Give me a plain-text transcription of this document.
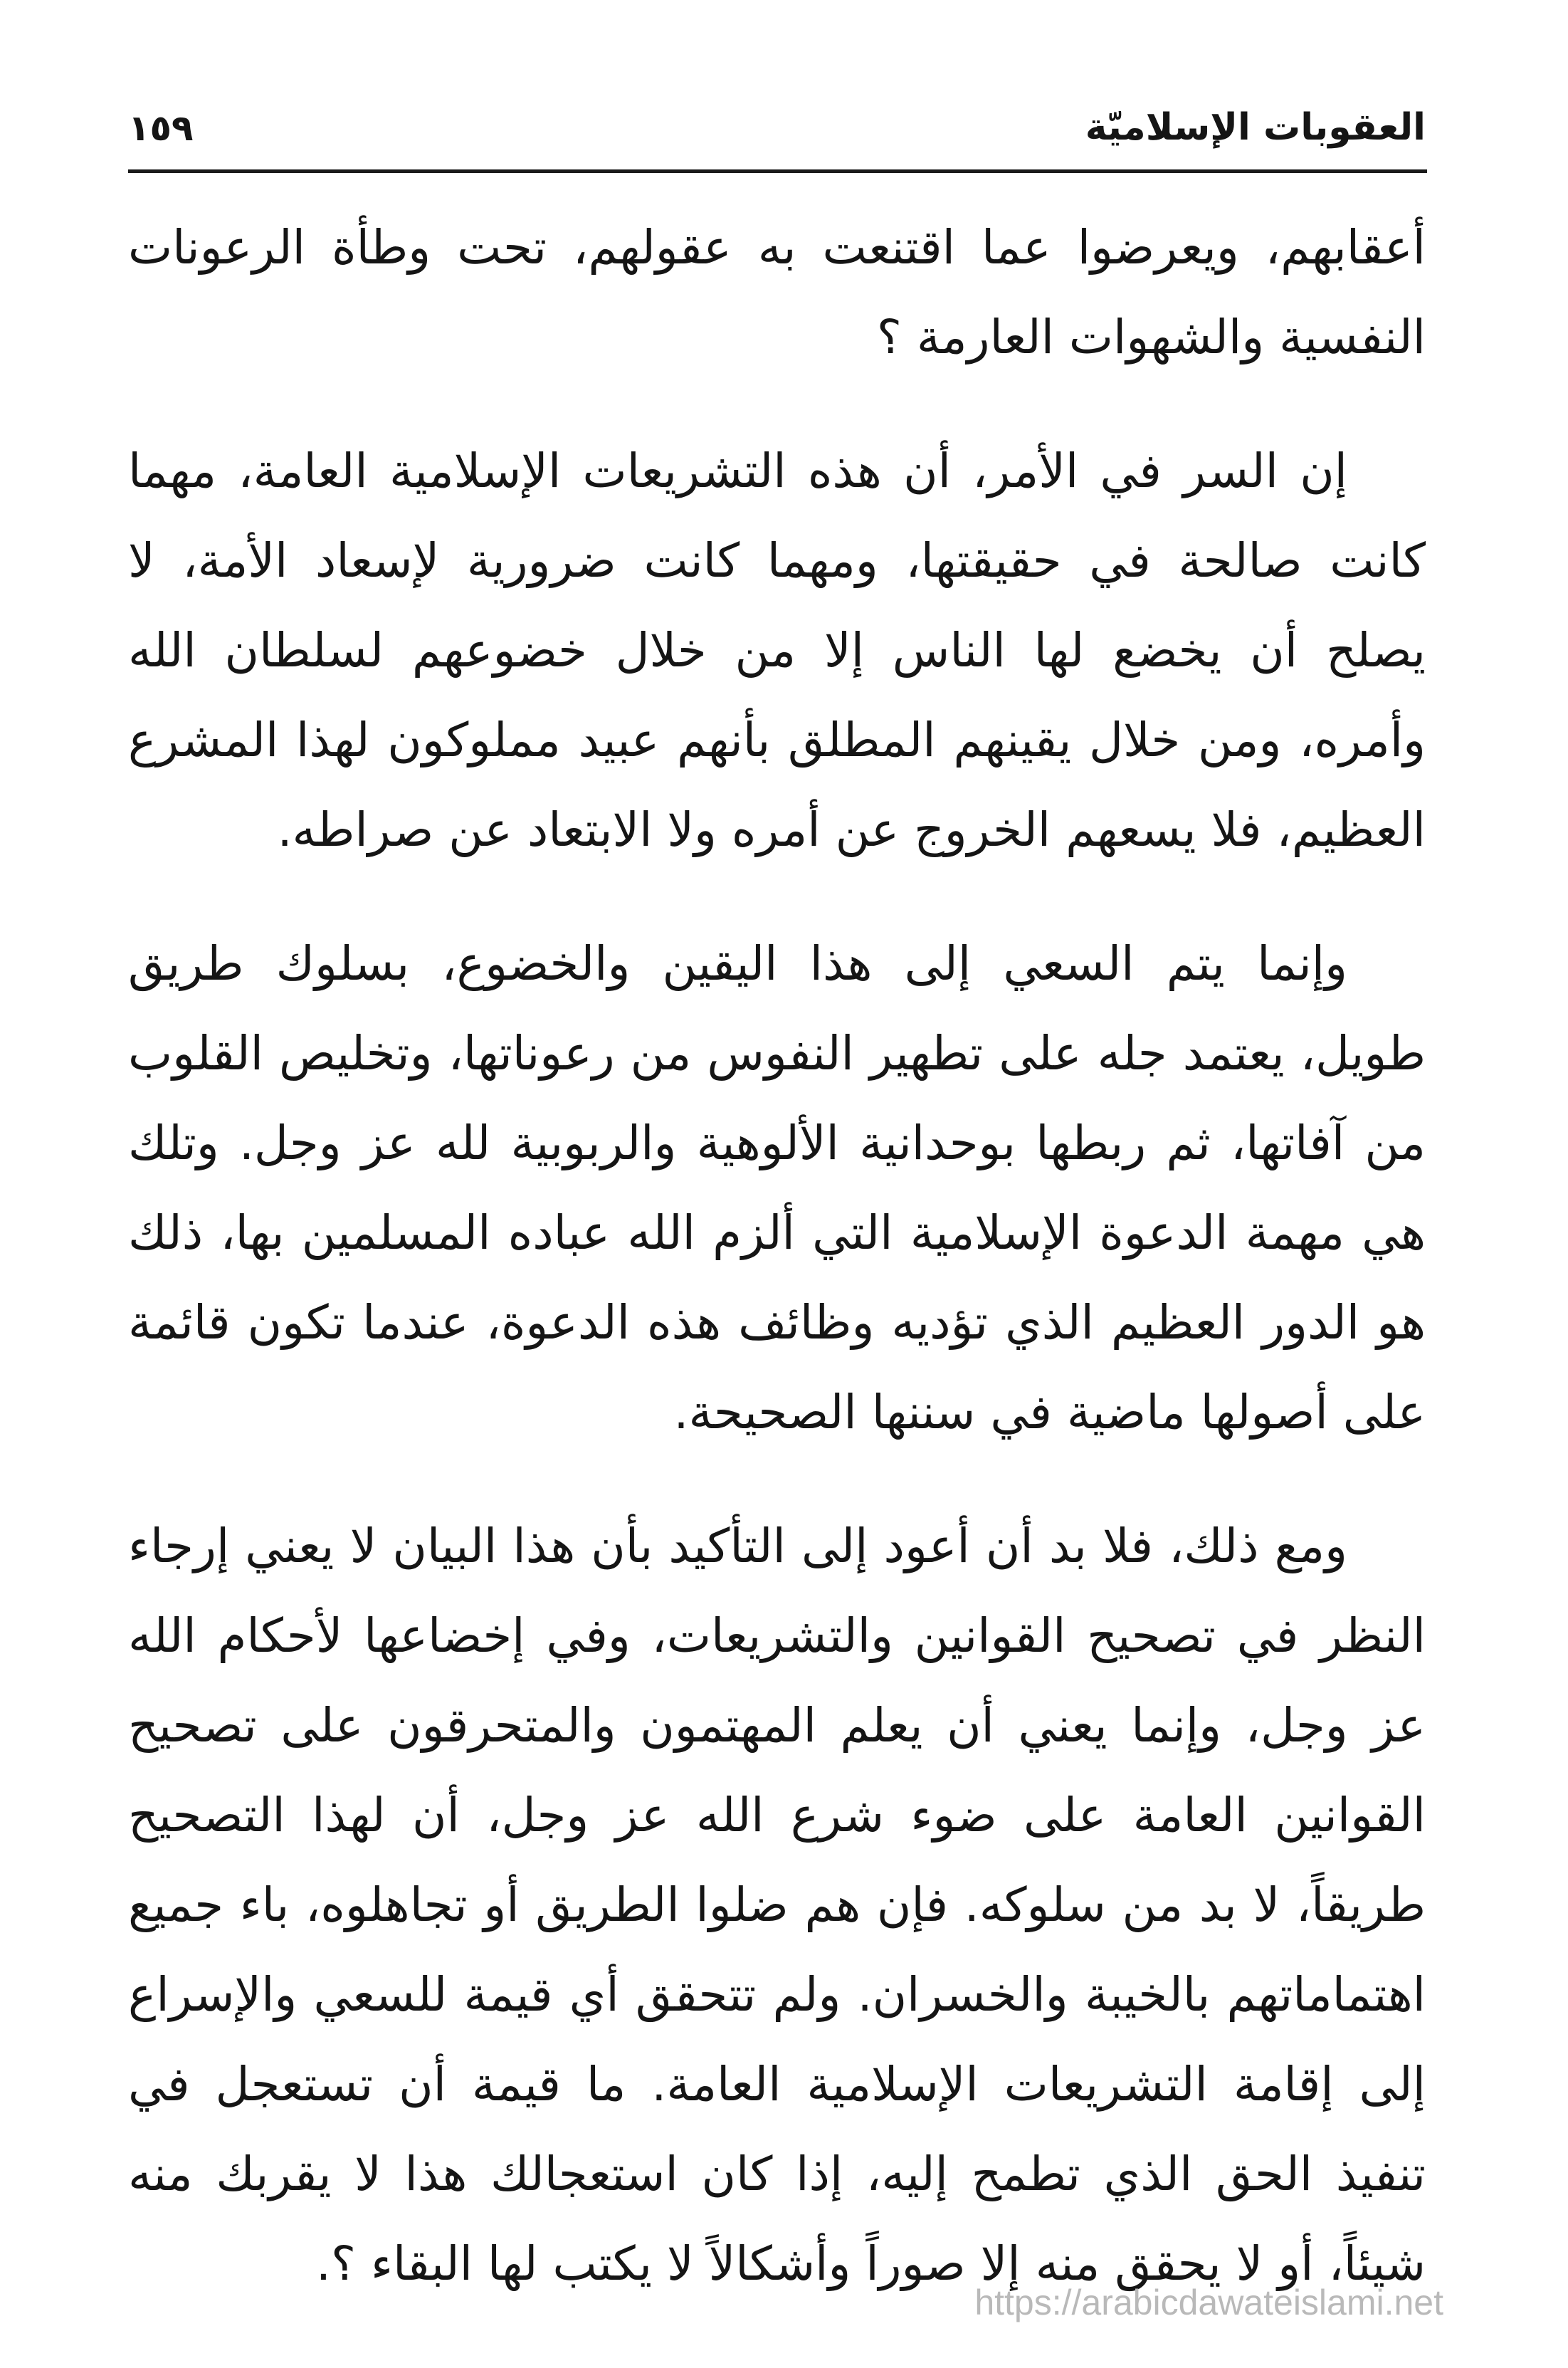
العقوبات الإسلاميّة
١٥٩

أعقابهم، ويعرضوا عما اقتنعت به عقولهم، تحت وطأة الرعونات النفسية والشهوات العارمة ؟

إن السر في الأمر، أن هذه التشريعات الإسلامية العامة، مهما كانت صالحة في حقيقتها، ومهما كانت ضرورية لإسعاد الأمة، لا يصلح أن يخضع لها الناس إلا من خلال خضوعهم لسلطان الله وأمره، ومن خلال يقينهم المطلق بأنهم عبيد مملوكون لهذا المشرع العظيم، فلا يسعهم الخروج عن أمره ولا الابتعاد عن صراطه.

وإنما يتم السعي إلى هذا اليقين والخضوع، بسلوك طريق طويل، يعتمد جله على تطهير النفوس من رعوناتها، وتخليص القلوب من آفاتها، ثم ربطها بوحدانية الألوهية والربوبية لله عز وجل. وتلك هي مهمة الدعوة الإسلامية التي ألزم الله عباده المسلمين بها، ذلك هو الدور العظيم الذي تؤديه وظائف هذه الدعوة، عندما تكون قائمة على أصولها ماضية في سننها الصحيحة.

ومع ذلك، فلا بد أن أعود إلى التأكيد بأن هذا البيان لا يعني إرجاء النظر في تصحيح القوانين والتشريعات، وفي إخضاعها لأحكام الله عز وجل، وإنما يعني أن يعلم المهتمون والمتحرقون على تصحيح القوانين العامة على ضوء شرع الله عز وجل، أن لهذا التصحيح طريقاً، لا بد من سلوكه. فإن هم ضلوا الطريق أو تجاهلوه، باء جميع اهتماماتهم بالخيبة والخسران. ولم تتحقق أي قيمة للسعي والإسراع إلى إقامة التشريعات الإسلامية العامة. ما قيمة أن تستعجل في تنفيذ الحق الذي تطمح إليه، إذا كان استعجالك هذا لا يقربك منه شيئاً، أو لا يحقق منه إلا صوراً وأشكالاً لا يكتب لها البقاء ؟.

https://arabicdawateislami.net
